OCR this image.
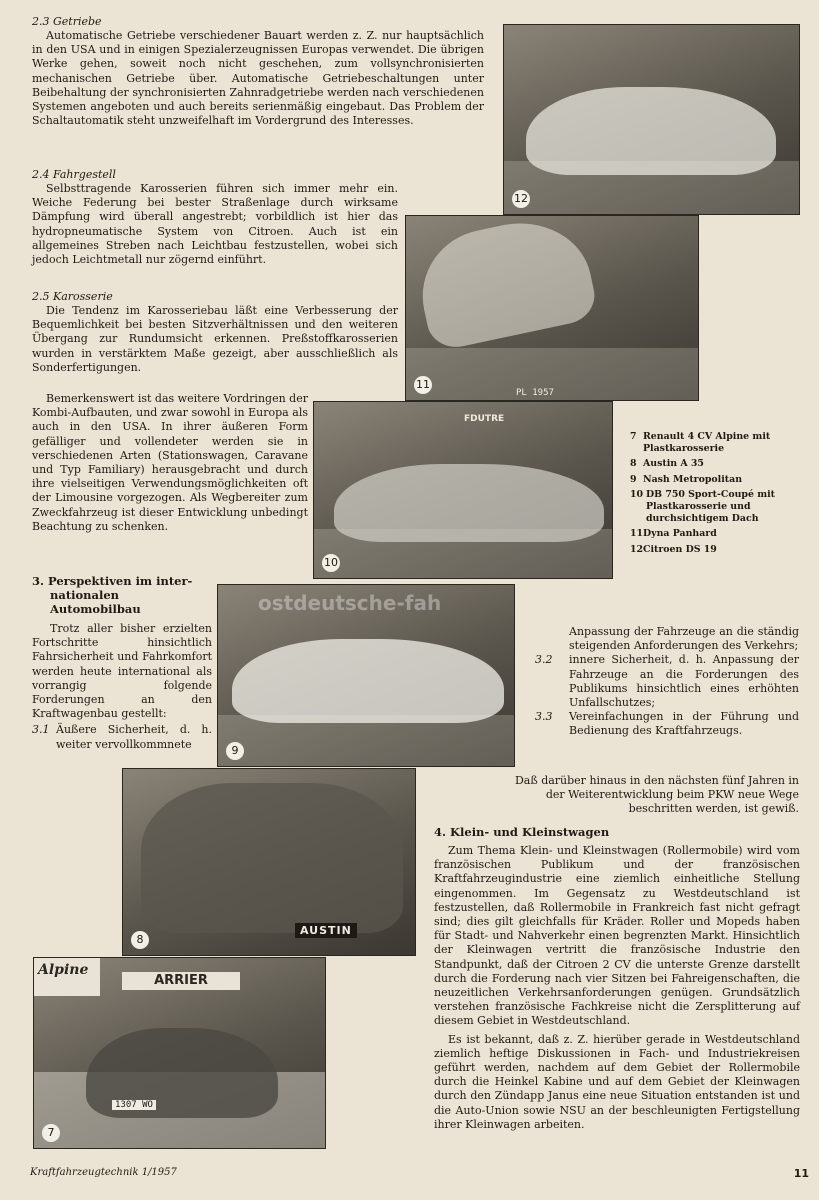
2.3 Getriebe

Automatische Getriebe verschiedener Bauart werden z. Z. nur hauptsächlich in den USA und in einigen Spezialerzeugnissen Europas verwendet. Die übrigen Werke gehen, soweit noch nicht geschehen, zum vollsynchronisierten mechanischen Getriebe über. Automatische Getriebeschaltungen unter Beibehaltung der synchronisierten Zahnradgetriebe werden nach verschiedenen Systemen angeboten und auch bereits serienmäßig eingebaut. Das Problem der Schaltautomatik steht unzweifelhaft im Vordergrund des Interesses.

2.4 Fahrgestell

Selbsttragende Karosserien führen sich immer mehr ein. Weiche Federung bei bester Straßenlage durch wirksame Dämpfung wird überall angestrebt; vorbildlich ist hier das hydropneumatische System von Citroen. Auch ist ein allgemeines Streben nach Leichtbau festzustellen, wobei sich jedoch Leichtmetall nur zögernd einführt.

2.5 Karosserie

Die Tendenz im Karosseriebau läßt eine Verbesserung der Bequemlichkeit bei besten Sitzverhältnissen und den weiteren Übergang zur Rundumsicht erkennen. Preßstoffkarosserien wurden in verstärktem Maße gezeigt, aber ausschließlich als Sonderfertigungen.

Bemerkenswert ist das weitere Vordringen der Kombi-Aufbauten, und zwar sowohl in Europa als auch in den USA. In ihrer äußeren Form gefälliger und vollendeter werden sie in verschiedenen Arten (Stationswagen, Caravane und Typ Familiary) herausgebracht und durch ihre vielseitigen Verwendungsmöglichkeiten oft der Limousine vorgezogen. Als Wegbereiter zum Zweckfahrzeug ist dieser Entwicklung unbedingt Beachtung zu schenken.

3. Perspektiven im inter-

nationalen Automobilbau

Trotz aller bisher erzielten Fortschritte hinsichtlich Fahrsicherheit und Fahrkomfort werden heute international als vorrangig folgende Forderungen an den Kraftwagenbau gestellt:

3.1 Äußere Sicherheit, d. h. weiter vervollkommnete

Anpassung der Fahrzeuge an die ständig steigenden Anforderungen des Verkehrs;

3.2 innere Sicherheit, d. h. Anpassung der Fahrzeuge an die Forderungen des Publikums hinsichtlich eines erhöhten Unfallschutzes;
3.3 Vereinfachungen in der Führung und Bedienung des Kraftfahrzeugs.

Daß darüber hinaus in den nächsten fünf Jahren in der Weiterentwicklung beim PKW neue Wege beschritten werden, ist gewiß.

4. Klein- und Kleinstwagen

Zum Thema Klein- und Kleinstwagen (Rollermobile) wird vom französischen Publikum und der französischen Kraftfahrzeugindustrie eine ziemlich einheitliche Stellung eingenommen. Im Gegensatz zu Westdeutschland ist festzustellen, daß Rollermobile in Frankreich fast nicht gefragt sind; dies gilt gleichfalls für Kräder. Roller und Mopeds haben für Stadt- und Nahverkehr einen begrenzten Markt. Hinsichtlich der Kleinwagen vertritt die französische Industrie den Standpunkt, daß der Citroen 2 CV die unterste Grenze darstellt durch die Forderung nach vier Sitzen bei Fahreigenschaften, die neuzeitlichen Verkehrsanforderungen genügen. Grundsätzlich verstehen französische Fachkreise nicht die Zersplitterung auf diesem Gebiet in Westdeutschland.

Es ist bekannt, daß z. Z. hierüber gerade in Westdeutschland ziemlich heftige Diskussionen in Fach- und Industriekreisen geführt werden, nachdem auf dem Gebiet der Rollermobile durch die Heinkel Kabine und auf dem Gebiet der Kleinwagen durch den Zündapp Janus eine neue Situation entstanden ist und die Auto-Union sowie NSU an der beschleunigten Fertigstellung ihrer Kleinwagen arbeiten.

12
PL 1957
11
FDUTRE
10
7 Renault 4 CV Alpine mit Plastkarosserie
8 Austin A 35
9 Nash Metropolitan
10 DB 750 Sport-Coupé mit Plastkarosserie und durchsichtigem Dach
11 Dyna Panhard
12 Citroen DS 19
ostdeutsche-fah
9
AUSTIN
8
Alpine
ARRIER
1307 WO
7
Kraftfahrzeugtechnik 1/1957	11
